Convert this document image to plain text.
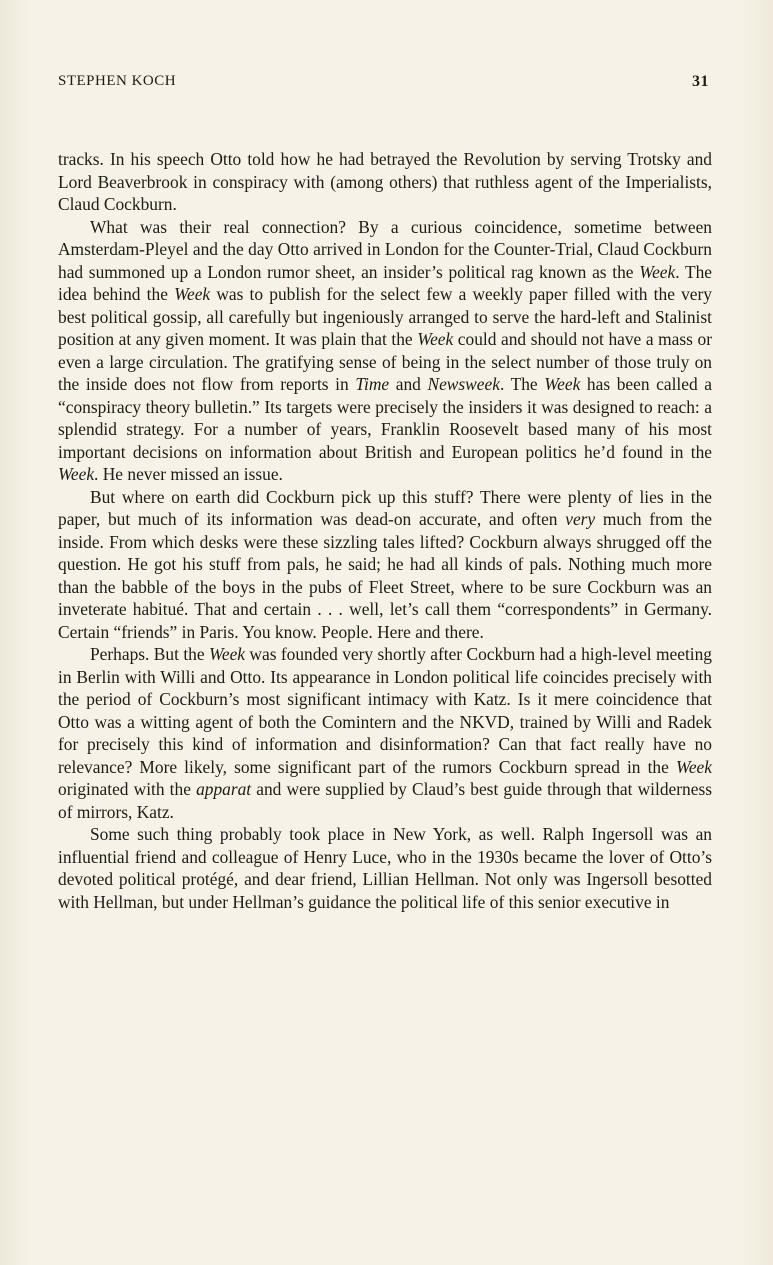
STEPHEN KOCH	31

tracks. In his speech Otto told how he had betrayed the Revolution by serving Trotsky and Lord Beaverbrook in conspiracy with (among others) that ruthless agent of the Imperialists, Claud Cockburn.

What was their real connection? By a curious coincidence, sometime between Amsterdam-Pleyel and the day Otto arrived in London for the Counter-Trial, Claud Cockburn had summoned up a London rumor sheet, an insider’s political rag known as the Week. The idea behind the Week was to publish for the select few a weekly paper filled with the very best political gossip, all carefully but ingeniously arranged to serve the hard-left and Stalinist position at any given moment. It was plain that the Week could and should not have a mass or even a large circulation. The gratifying sense of being in the select number of those truly on the inside does not flow from reports in Time and Newsweek. The Week has been called a “conspiracy theory bulletin.” Its targets were precisely the insiders it was designed to reach: a splendid strategy. For a number of years, Franklin Roosevelt based many of his most important decisions on information about British and European politics he’d found in the Week. He never missed an issue.

But where on earth did Cockburn pick up this stuff? There were plenty of lies in the paper, but much of its information was dead-on accurate, and often very much from the inside. From which desks were these sizzling tales lifted? Cockburn always shrugged off the question. He got his stuff from pals, he said; he had all kinds of pals. Nothing much more than the babble of the boys in the pubs of Fleet Street, where to be sure Cockburn was an inveterate habitué. That and certain . . . well, let’s call them “correspondents” in Germany. Certain “friends” in Paris. You know. People. Here and there.

Perhaps. But the Week was founded very shortly after Cockburn had a high-level meeting in Berlin with Willi and Otto. Its appearance in London political life coincides precisely with the period of Cockburn’s most significant intimacy with Katz. Is it mere coincidence that Otto was a witting agent of both the Comintern and the NKVD, trained by Willi and Radek for precisely this kind of information and disinformation? Can that fact really have no relevance? More likely, some significant part of the rumors Cockburn spread in the Week originated with the apparat and were supplied by Claud’s best guide through that wilderness of mirrors, Katz.

Some such thing probably took place in New York, as well. Ralph Ingersoll was an influential friend and colleague of Henry Luce, who in the 1930s became the lover of Otto’s devoted political protégé, and dear friend, Lillian Hellman. Not only was Ingersoll besotted with Hellman, but under Hellman’s guidance the political life of this senior executive in
